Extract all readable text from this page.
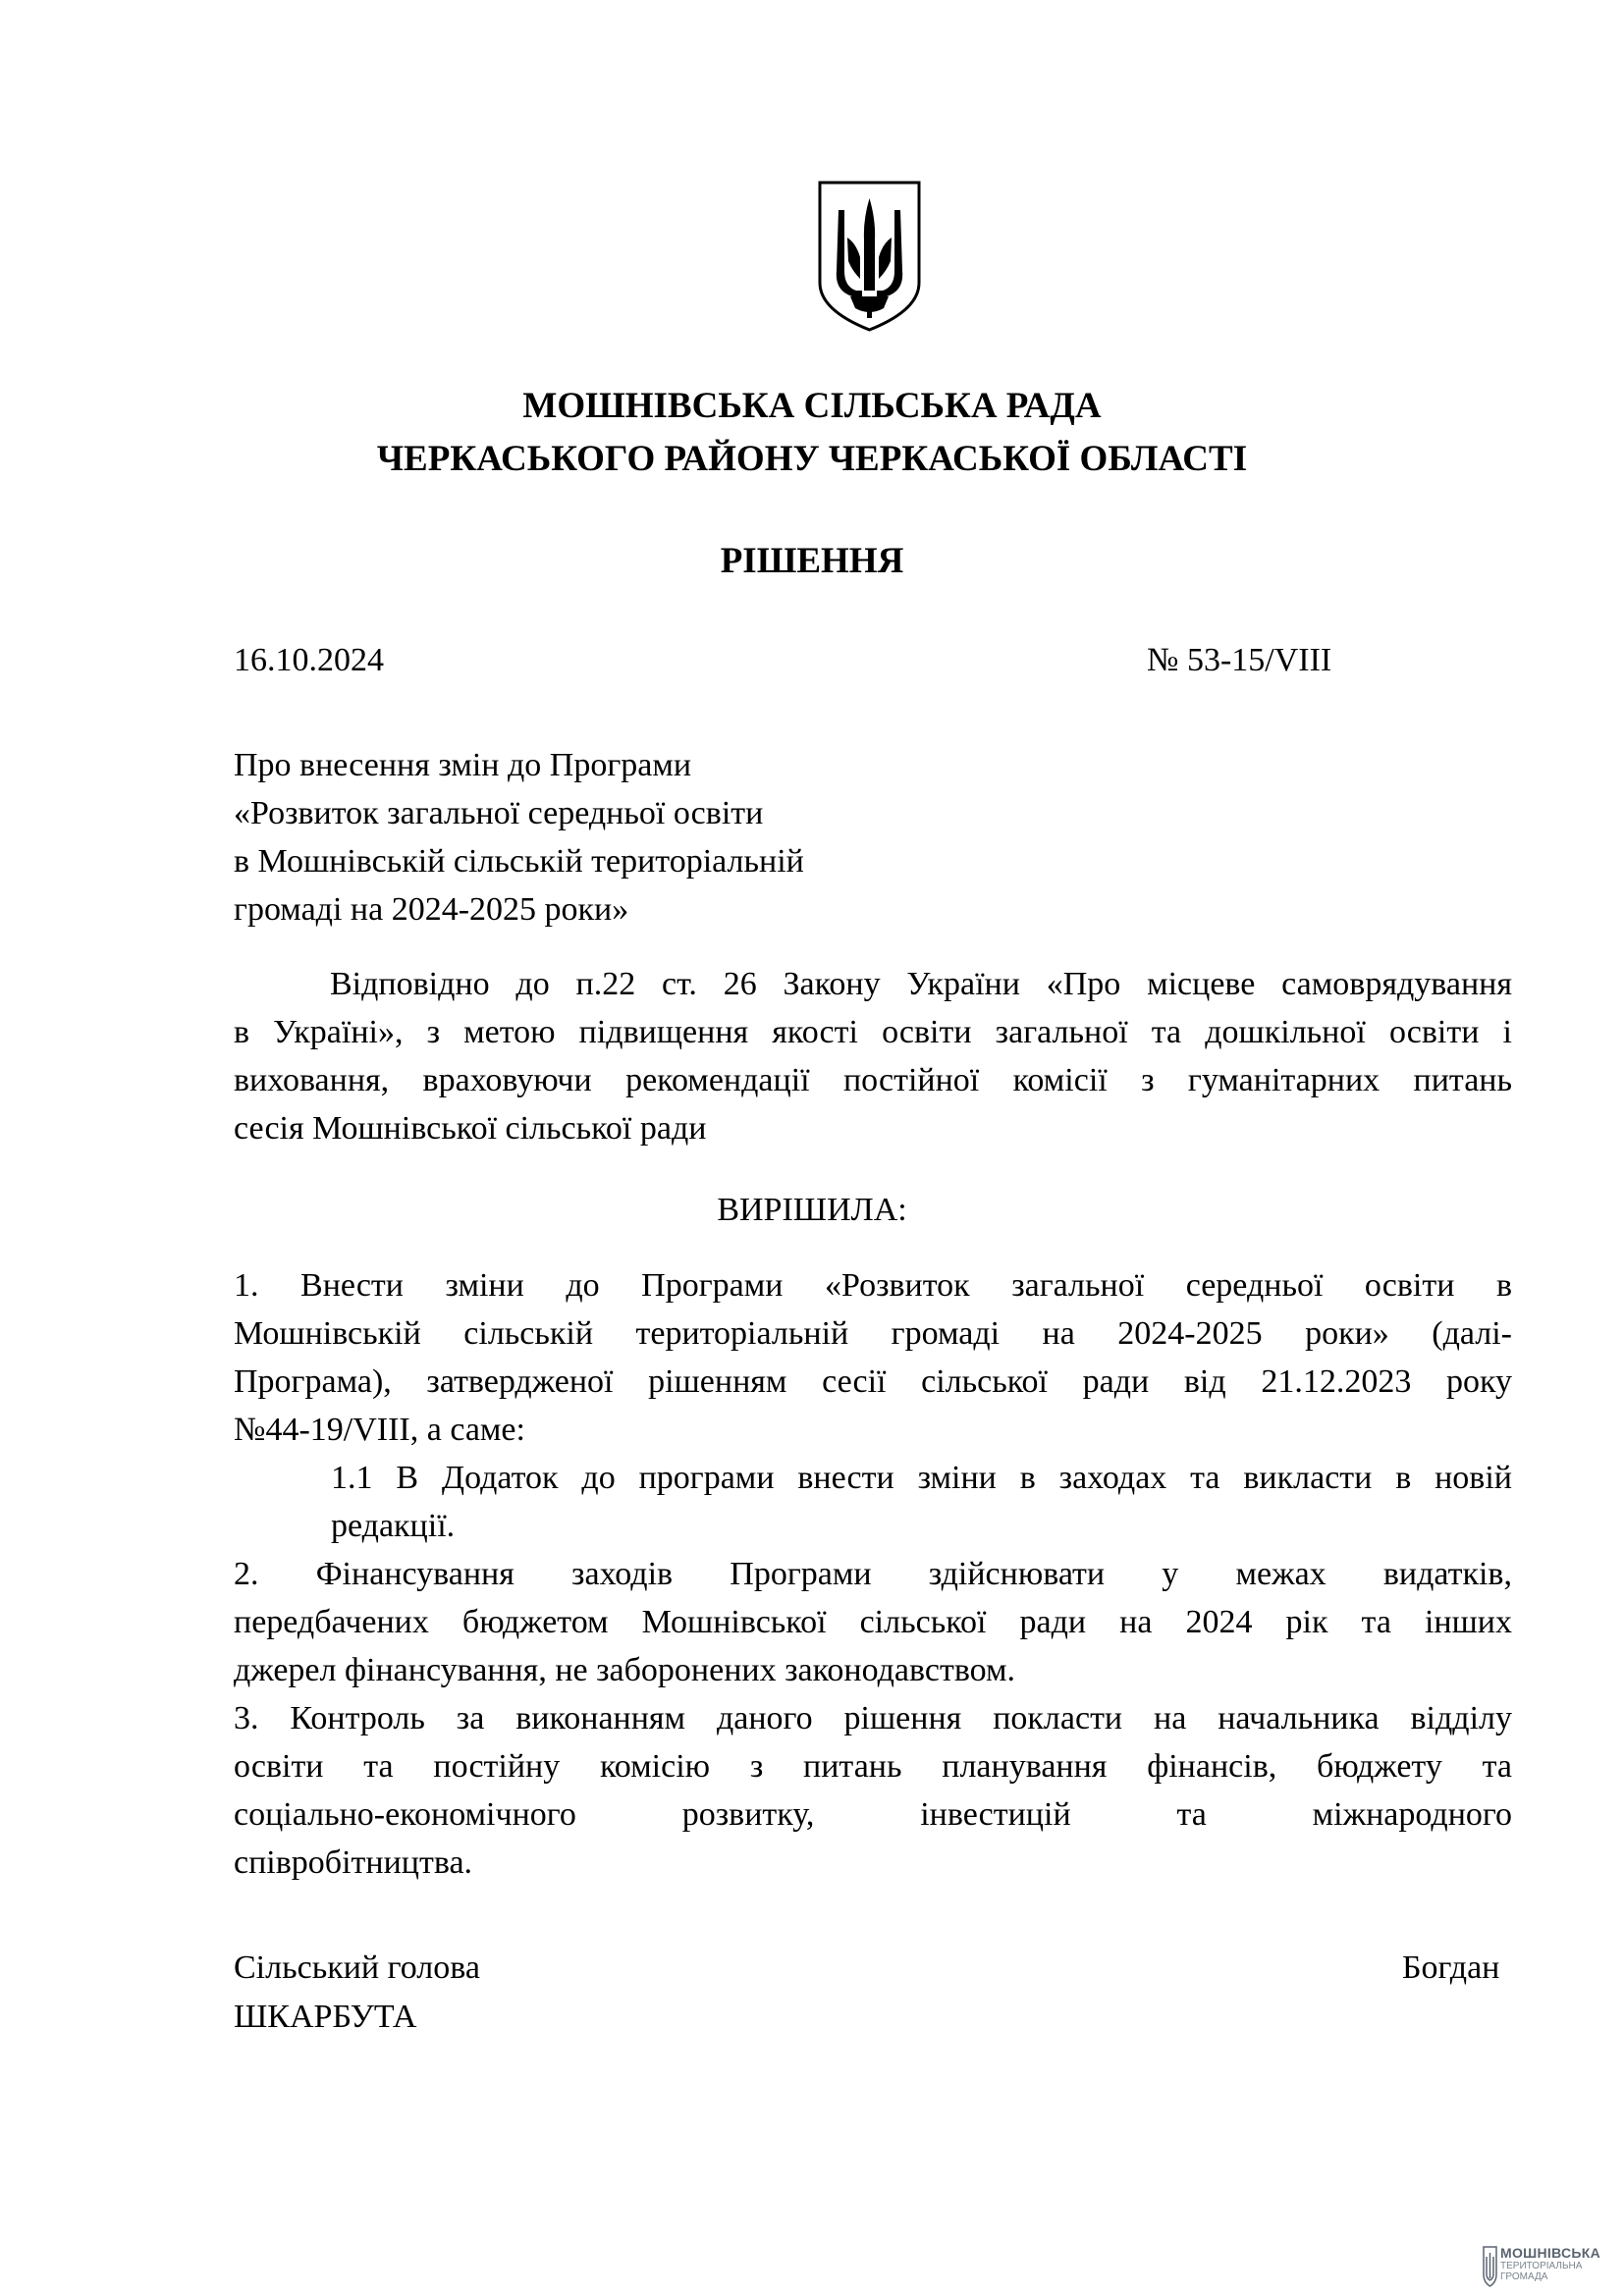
МОШНІВСЬКА СІЛЬСЬКА РАДА
ЧЕРКАСЬКОГО РАЙОНУ ЧЕРКАСЬКОЇ ОБЛАСТІ
РІШЕННЯ
16.10.2024	№ 53-15/VIII
Про внесення змін до Програми
«Розвиток загальної середньої освіти
в Мошнівській сільській територіальній
громаді на 2024-2025 роки»
Відповідно до п.22 ст. 26 Закону України «Про місцеве самоврядування
в Україні», з метою підвищення якості освіти загальної та дошкільної освіти і
виховання, враховуючи рекомендації постійної комісії з гуманітарних питань
сесія Мошнівської сільської ради
ВИРІШИЛА:
1. Внести зміни до Програми «Розвиток загальної середньої освіти в
Мошнівській сільській територіальній громаді на 2024-2025 роки» (далі-
Програма), затвердженої рішенням сесії сільської ради від 21.12.2023 року
№44-19/VIII, а саме:
1.1 В Додаток до програми внести зміни в заходах та викласти в новій
редакції.
2. Фінансування заходів Програми здійснювати у межах видатків,
передбачених бюджетом Мошнівської сільської ради на 2024 рік та інших
джерел фінансування, не заборонених законодавством.
3. Контроль за виконанням даного рішення покласти на начальника відділу
освіти та постійну комісію з питань планування фінансів, бюджету та
соціально-економічного розвитку, інвестицій та міжнародного
співробітництва.
Сільський голова	Богдан
ШКАРБУТА
МОШНІВСЬКА
ТЕРИТОРІАЛЬНА
ГРОМАДА
